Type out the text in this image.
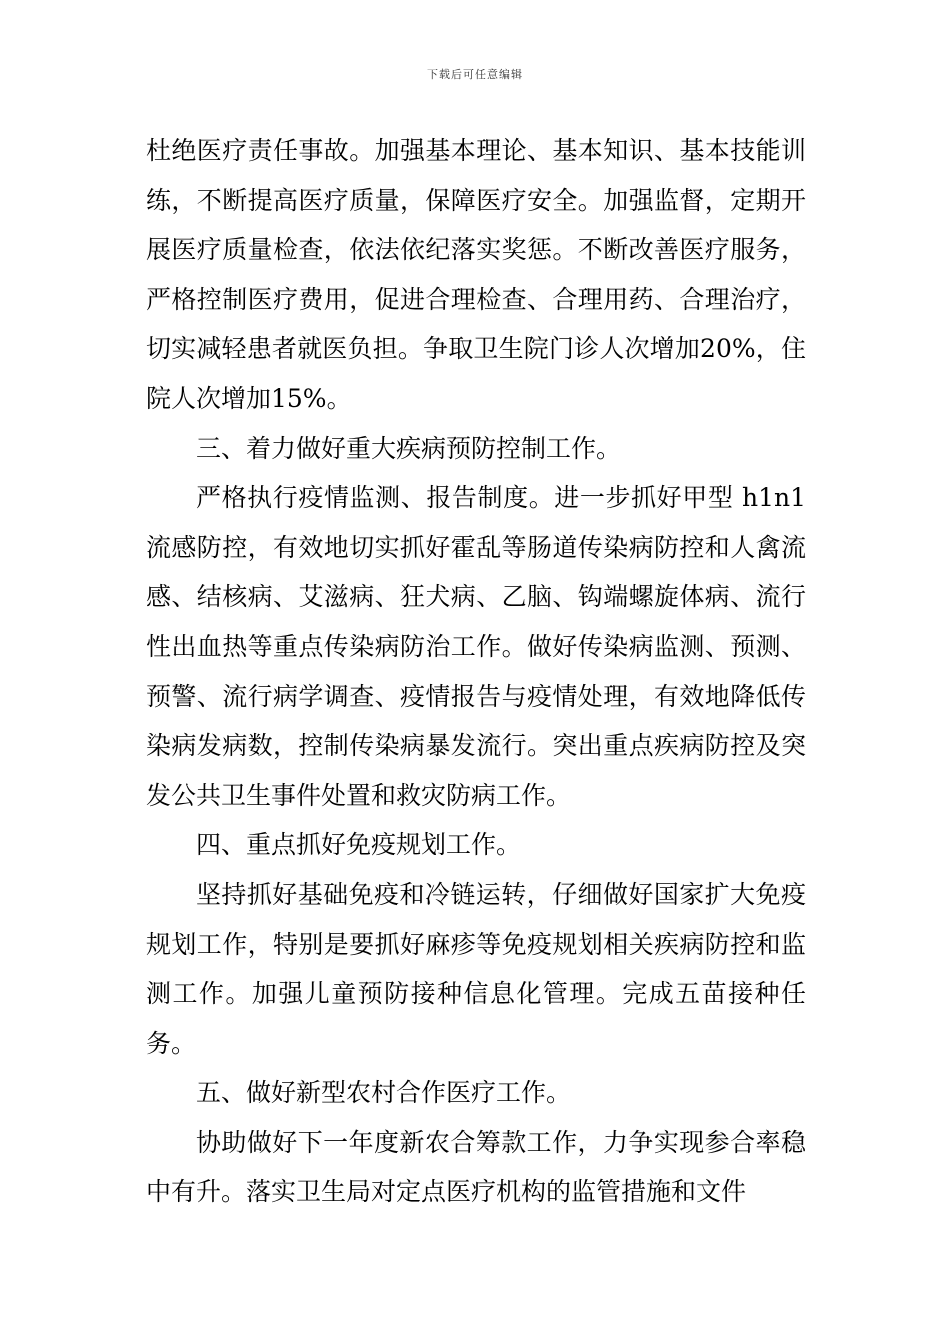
下载后可任意编辑

杜绝医疗责任事故。加强基本理论、基本知识、基本技能训练，不断提高医疗质量，保障医疗安全。加强监督，定期开展医疗质量检查，依法依纪落实奖惩。不断改善医疗服务，严格控制医疗费用，促进合理检查、合理用药、合理治疗，切实减轻患者就医负担。争取卫生院门诊人次增加20%，住院人次增加15%。

三、着力做好重大疾病预防控制工作。

严格执行疫情监测、报告制度。进一步抓好甲型 h1n1 流感防控，有效地切实抓好霍乱等肠道传染病防控和人禽流感、结核病、艾滋病、狂犬病、乙脑、钩端螺旋体病、流行性出血热等重点传染病防治工作。做好传染病监测、预测、预警、流行病学调查、疫情报告与疫情处理，有效地降低传染病发病数，控制传染病暴发流行。突出重点疾病防控及突发公共卫生事件处置和救灾防病工作。

四、重点抓好免疫规划工作。

坚持抓好基础免疫和冷链运转，仔细做好国家扩大免疫规划工作，特别是要抓好麻疹等免疫规划相关疾病防控和监测工作。加强儿童预防接种信息化管理。完成五苗接种任务。

五、做好新型农村合作医疗工作。

协助做好下一年度新农合筹款工作，力争实现参合率稳中有升。落实卫生局对定点医疗机构的监管措施和文件
